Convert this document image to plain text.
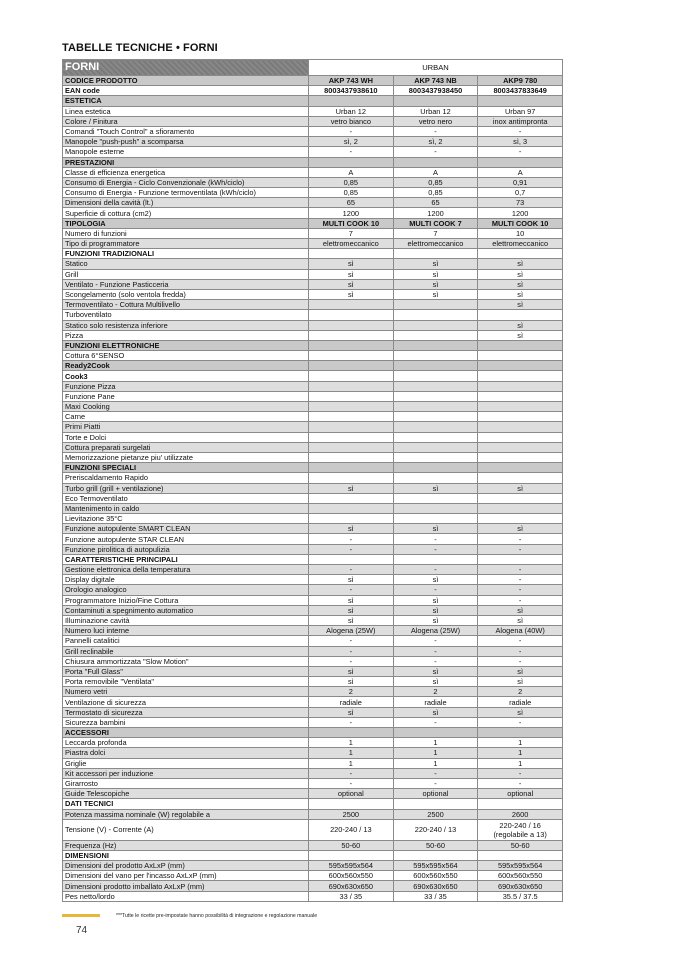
TABELLE TECNICHE • FORNI
FORNI	URBAN		
CODICE PRODOTTO	AKP 743 WH	AKP 743 NB	AKP9 780
EAN code	8003437938610	8003437938450	8003437833649
ESTETICA			
Linea estetica	Urban 12	Urban 12	Urban 97
Colore / Finitura	vetro bianco	vetro nero	inox antimpronta
Comandi "Touch Control" a sfioramento	-	-	-
Manopole "push-push" a scomparsa	sì, 2	sì, 2	sì, 3
Manopole esterne	-	-	-
PRESTAZIONI			
Classe di efficienza energetica	A	A	A
Consumo di Energia - Ciclo Convenzionale (kWh/ciclo)	0,85	0,85	0,91
Consumo di Energia - Funzione termoventilata (kWh/ciclo)	0,85	0,85	0,7
Dimensioni della cavità (lt.)	65	65	73
Superficie di cottura (cm2)	1200	1200	1200
TIPOLOGIA	MULTI COOK 10	MULTI COOK 7	MULTI COOK 10
Numero di funzioni	7	7	10
Tipo di programmatore	elettromeccanico	elettromeccanico	elettromeccanico
FUNZIONI TRADIZIONALI			
Statico	sì	sì	sì
Grill	sì	sì	sì
Ventilato - Funzione Pasticceria	sì	sì	sì
Scongelamento (solo ventola fredda)	sì	sì	sì
Termoventilato - Cottura Multilivello			sì
Turboventilato			
Statico solo resistenza inferiore			sì
Pizza			sì
FUNZIONI ELETTRONICHE			
Cottura 6°SENSO			
Ready2Cook			
Cook3			
Funzione Pizza			
Funzione Pane			
Maxi Cooking			
Carne			
Primi Piatti			
Torte e Dolci			
Cottura preparati surgelati			
Memorizzazione pietanze piu' utilizzate			
FUNZIONI SPECIALI			
Preriscaldamento Rapido			
Turbo grill (grill + ventilazione)	sì	sì	sì
Eco Termoventilato			
Mantenimento in caldo			
Lievitazione 35°C			
Funzione autopulente SMART CLEAN	sì	sì	sì
Funzione autopulente STAR CLEAN	-	-	-
Funzione pirolitica di autopulizia	-	-	-
CARATTERISTICHE PRINCIPALI			
Gestione elettronica della temperatura	-	-	-
Display digitale	sì	sì	-
Orologio analogico	-	-	-
Programmatore Inizio/Fine Cottura	sì	sì	-
Contaminuti a spegnimento automatico	sì	sì	sì
Illuminazione cavità	sì	sì	sì
Numero luci interne	Alogena (25W)	Alogena (25W)	Alogena (40W)
Pannelli catalitici	-	-	-
Grill reclinabile	-	-	-
Chiusura ammortizzata "Slow Motion"	-	-	-
Porta "Full Glass"	sì	sì	sì
Porta removibile "Ventilata"	sì	sì	sì
Numero vetri	2	2	2
Ventilazione di sicurezza	radiale	radiale	radiale
Termostato di sicurezza	sì	sì	sì
Sicurezza bambini	-	-	-
ACCESSORI			
Leccarda profonda	1	1	1
Piastra dolci	1	1	1
Griglie	1	1	1
Kit accessori per induzione	-	-	-
Girarrosto	-	-	-
Guide Telescopiche	optional	optional	optional
DATI TECNICI			
Potenza massima nominale (W) regolabile a	2500	2500	2600
Tensione (V) - Corrente (A)	220-240 / 13	220-240 / 13	220-240 / 16
(regolabile a 13)

Frequenza (Hz)	50-60	50-60	50-60
DIMENSIONI			
Dimensioni del prodotto AxLxP (mm)	595x595x564	595x595x564	595x595x564
Dimensioni del vano per l'incasso AxLxP (mm)	600x560x550	600x560x550	600x560x550
Dimensioni prodotto imballato AxLxP (mm)	690x630x650	690x630x650	690x630x650
Pes netto/lordo	33 / 35	33 / 35	35.5 / 37.5
***Tutte le ricette pre-impostate hanno possibilità di integrazione e regolazione manuale
74
